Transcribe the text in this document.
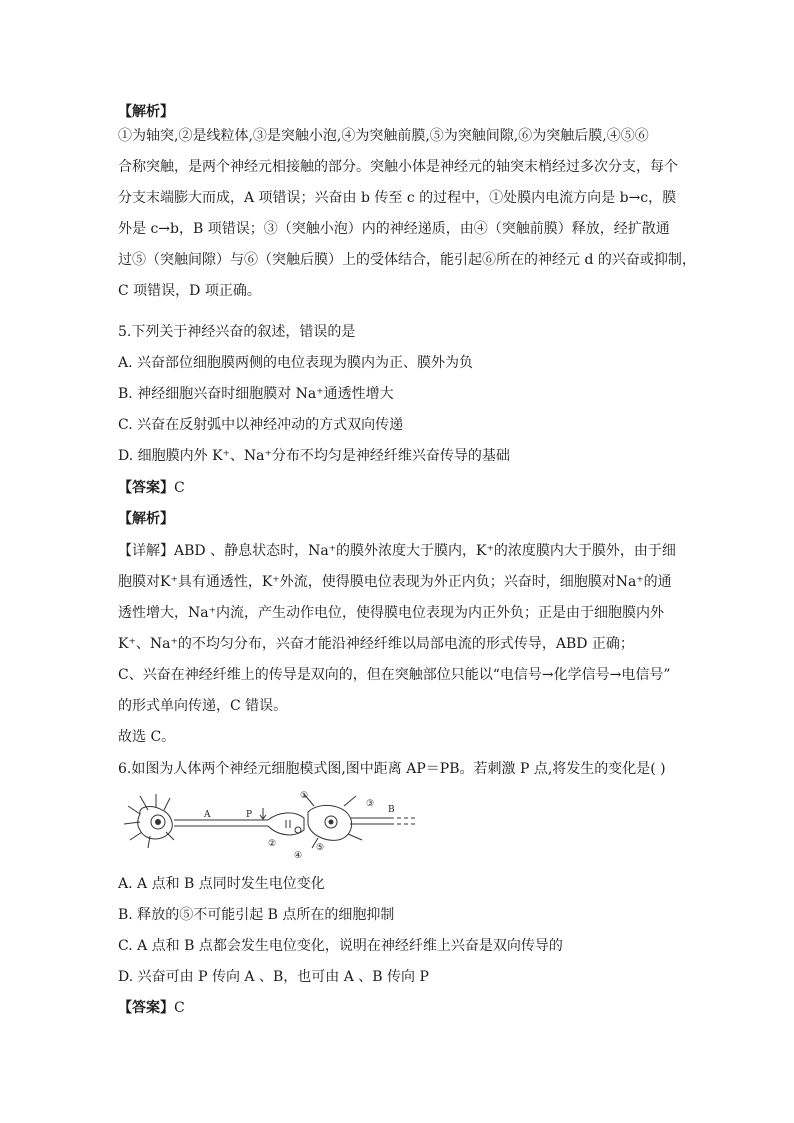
【解析】
①为轴突,②是线粒体,③是突触小泡,④为突触前膜,⑤为突触间隙,⑥为突触后膜,④⑤⑥
合称突触，是两个神经元相接触的部分。突触小体是神经元的轴突末梢经过多次分支，每个
分支末端膨大而成，A 项错误；兴奋由 b 传至 c 的过程中，①处膜内电流方向是 b→c，膜
外是 c→b，B 项错误；③（突触小泡）内的神经递质，由④（突触前膜）释放，经扩散通
过⑤（突触间隙）与⑥（突触后膜）上的受体结合，能引起⑥所在的神经元 d 的兴奋或抑制，
C 项错误，D 项正确。
5.下列关于神经兴奋的叙述，错误的是
A. 兴奋部位细胞膜两侧的电位表现为膜内为正、膜外为负
B. 神经细胞兴奋时细胞膜对 Na⁺通透性增大
C. 兴奋在反射弧中以神经冲动的方式双向传递
D. 细胞膜内外 K⁺、Na⁺分布不均匀是神经纤维兴奋传导的基础
【答案】C
【解析】
【详解】ABD 、静息状态时，Na⁺的膜外浓度大于膜内，K⁺的浓度膜内大于膜外，由于细
胞膜对K⁺具有通透性，K⁺外流，使得膜电位表现为外正内负；兴奋时，细胞膜对Na⁺的通
透性增大，Na⁺内流，产生动作电位，使得膜电位表现为内正外负；正是由于细胞膜内外
K⁺、Na⁺的不均匀分布，兴奋才能沿神经纤维以局部电流的形式传导，ABD 正确；
C、兴奋在神经纤维上的传导是双向的，但在突触部位只能以“电信号→化学信号→电信号”
的形式单向传递，C 错误。
故选 C。
6.如图为人体两个神经元细胞模式图,图中距离 AP＝PB。若刺激 P 点,将发生的变化是( )
A	P	B
①
②
③
④
⑤
A. A 点和 B 点同时发生电位变化
B. 释放的⑤不可能引起 B 点所在的细胞抑制
C. A 点和 B 点都会发生电位变化，说明在神经纤维上兴奋是双向传导的
D. 兴奋可由 P 传向 A 、B，也可由 A 、B 传向 P
【答案】C
